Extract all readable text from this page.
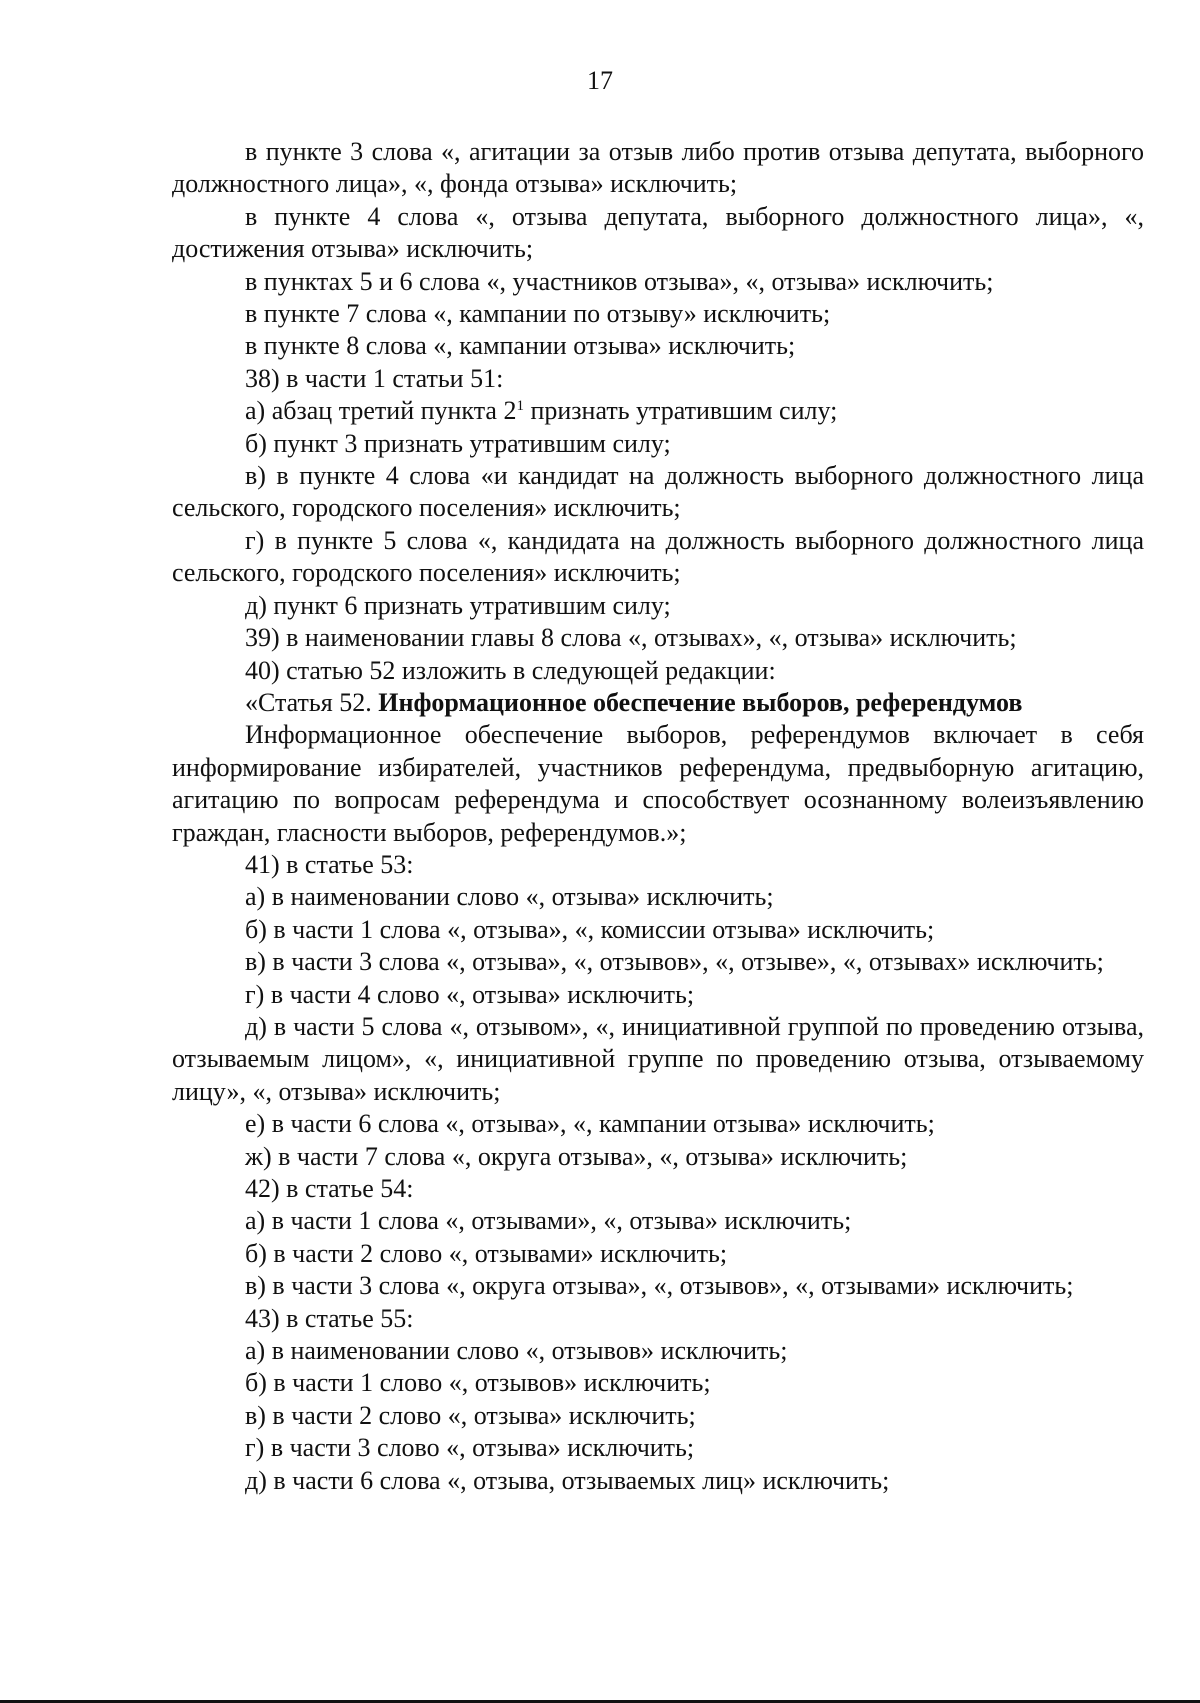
17

в пункте 3 слова «, агитации за отзыв либо против отзыва депутата, выборного должностного лица», «, фонда отзыва» исключить;

в пункте 4 слова «, отзыва депутата, выборного должностного лица», «, достижения отзыва» исключить;

в пунктах 5 и 6 слова «, участников отзыва», «, отзыва» исключить;

в пункте 7 слова «, кампании по отзыву» исключить;

в пункте 8 слова «, кампании отзыва» исключить;

38) в части 1 статьи 51:

а) абзац третий пункта $2^1$ признать утратившим силу;

б) пункт 3 признать утратившим силу;

в) в пункте 4 слова «и кандидат на должность выборного должностного лица сельского, городского поселения» исключить;

г) в пункте 5 слова «, кандидата на должность выборного должностного лица сельского, городского поселения» исключить;

д) пункт 6 признать утратившим силу;

39) в наименовании главы 8 слова «, отзывах», «, отзыва» исключить;

40) статью 52 изложить в следующей редакции:

«Статья 52. Информационное обеспечение выборов, референдумов

Информационное обеспечение выборов, референдумов включает в себя информирование избирателей, участников референдума, предвыборную агитацию, агитацию по вопросам референдума и способствует осознанному волеизъявлению граждан, гласности выборов, референдумов.»;

41) в статье 53:

а) в наименовании слово «, отзыва» исключить;

б) в части 1 слова «, отзыва», «, комиссии отзыва» исключить;

в) в части 3 слова «, отзыва», «, отзывов», «, отзыве», «, отзывах» исключить;

г) в части 4 слово «, отзыва» исключить;

д) в части 5 слова «, отзывом», «, инициативной группой по проведению отзыва, отзываемым лицом», «, инициативной группе по проведению отзыва, отзываемому лицу», «, отзыва» исключить;

е) в части 6 слова «, отзыва», «, кампании отзыва» исключить;

ж) в части 7 слова «, округа отзыва», «, отзыва» исключить;

42) в статье 54:

а) в части 1 слова «, отзывами», «, отзыва» исключить;

б) в части 2 слово «, отзывами» исключить;

в) в части 3 слова «, округа отзыва», «, отзывов», «, отзывами» исключить;

43) в статье 55:

а) в наименовании слово «, отзывов» исключить;

б) в части 1 слово «, отзывов» исключить;

в) в части 2 слово «, отзыва» исключить;

г) в части 3 слово «, отзыва» исключить;

д) в части 6 слова «, отзыва, отзываемых лиц» исключить;
